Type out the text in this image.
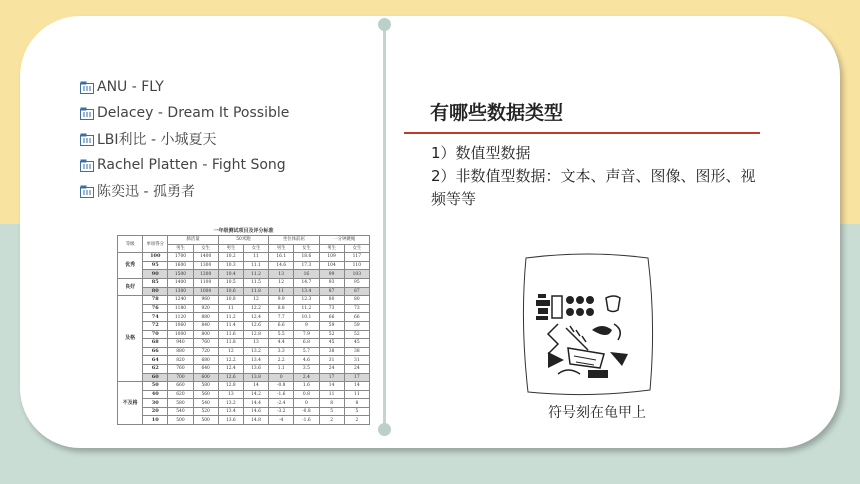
ANU - FLY
Delacey - Dream It Possible
LBI利比 - 小城夏天
Rachel Platten - Fight Song
陈奕迅 - 孤勇者
一年级测试项目及评分标准
等级	单项得分	肺活量		50米跑		坐位体前屈		一分钟跳绳	
		男生	女生	男生	女生	男生	女生	男生	女生
优秀	100	1700	1400	10.2	11	16.1	18.6	109	117
	95	1600	1300	10.3	11.1	14.6	17.3	104	110
	90	1500	1200	10.4	11.2	13	16	99	103
良好	85	1400	1100	10.5	11.5	12	14.7	93	95
	80	1300	1000	10.6	11.8	11	13.4	87	87
及格	78	1240	960	10.8	12	9.9	12.3	80	80
	76	1180	920	11	12.2	8.8	11.2	73	73
	74	1120	880	11.2	12.4	7.7	10.1	66	66
	72	1060	840	11.4	12.6	6.6	9	59	59
	70	1000	800	11.6	12.8	5.5	7.9	52	52
	68	940	760	11.8	13	4.4	6.8	45	45
	66	880	720	12	13.2	3.3	5.7	38	38
	64	820	680	12.2	13.4	2.2	4.6	31	31
	62	760	640	12.4	13.6	1.1	3.5	24	24
	60	700	600	12.6	13.8	0	2.4	17	17
不及格	50	660	580	12.8	14	-0.8	1.6	14	14
	40	620	560	13	14.2	-1.6	0.8	11	11
	30	580	540	13.2	14.4	-2.4	0	8	8
	20	540	520	13.4	14.6	-3.2	-0.8	5	5
	10	500	500	13.6	14.8	-4	-1.6	2	2
有哪些数据类型
1）数值型数据
2）非数值型数据：文本、声音、图像、图形、视频等等
符号刻在龟甲上
